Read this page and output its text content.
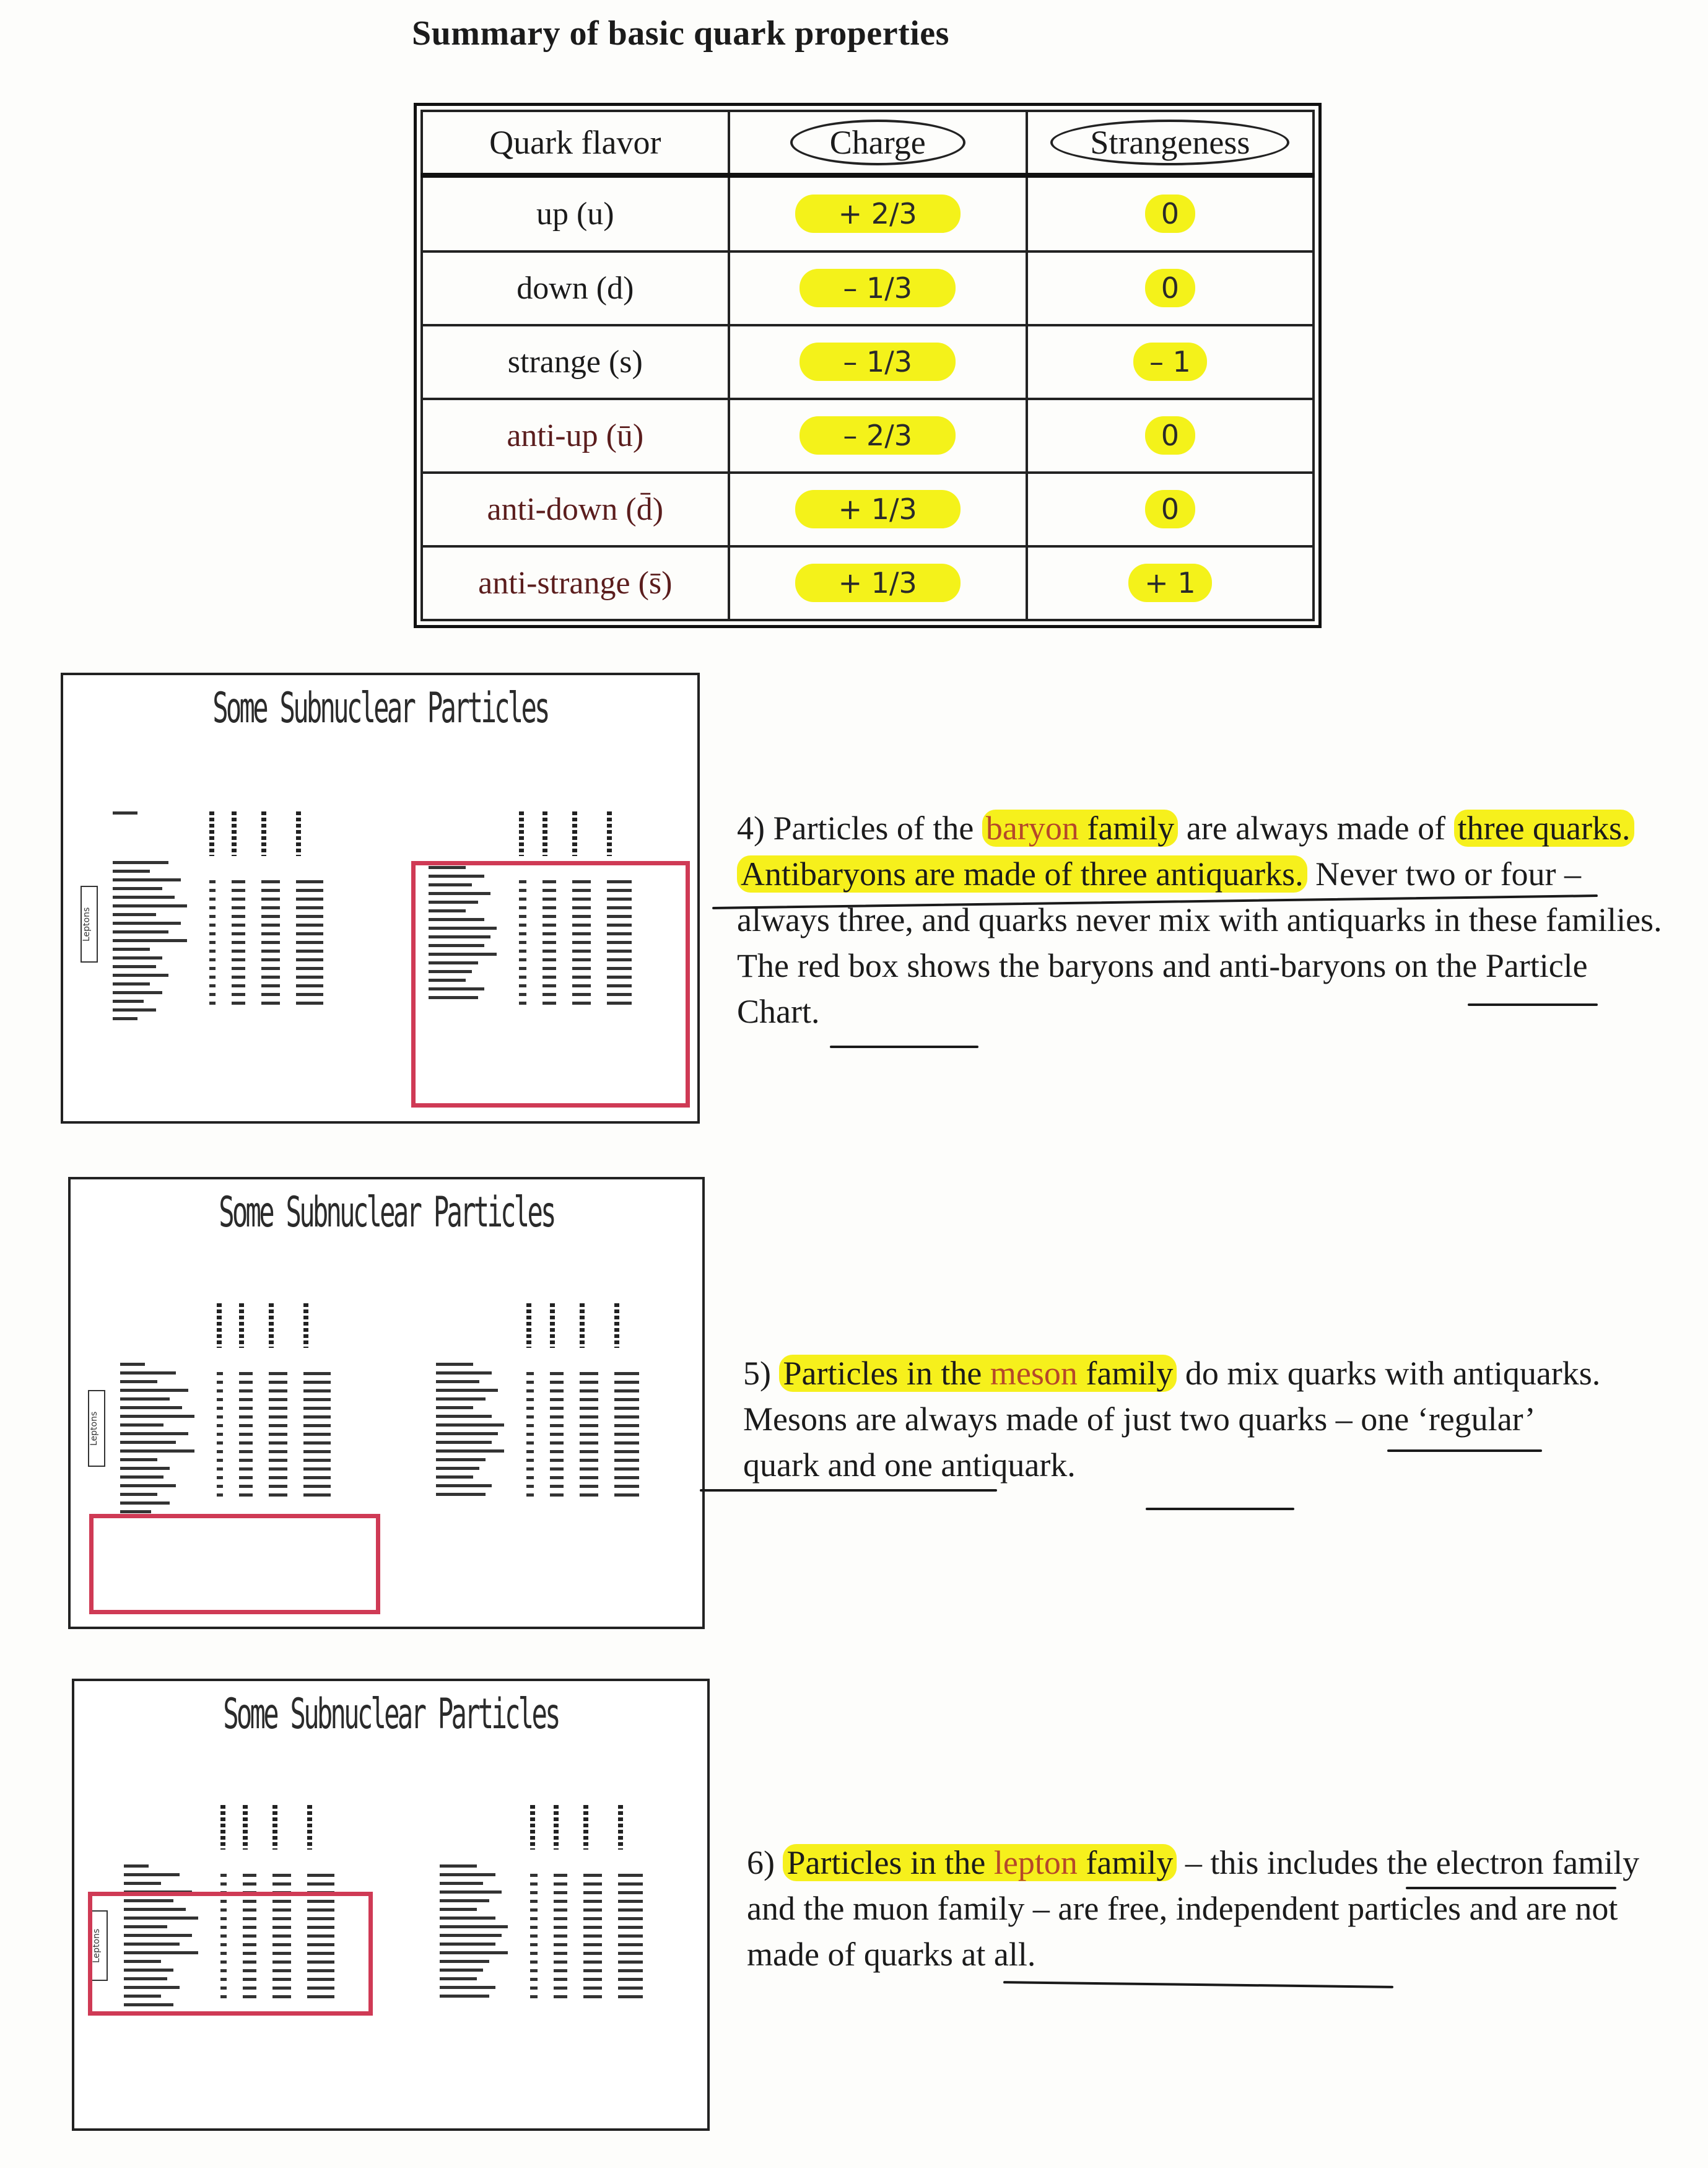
Summary of basic quark properties
Quark flavor	Charge	Strangeness
up (u)	+ 2/3	0
down (d)	– 1/3	0
strange (s)	– 1/3	– 1
anti-up (ū)	– 2/3	0
anti-down (d̄)	+ 1/3	0
anti-strange (s̄)	+ 1/3	+ 1
Some Subnuclear Particles
Leptons
Some Subnuclear Particles
Leptons
Some Subnuclear Particles
Leptons
4) Particles of the baryon family are always made of three quarks. Antibaryons are made of three antiquarks. Never two or four – always three, and quarks never mix with antiquarks in these families. The red box shows the baryons and anti-baryons on the Particle Chart.
5) Particles in the meson family do mix quarks with antiquarks. Mesons are always made of just two quarks – one ‘regular’ quark and one antiquark.
6) Particles in the lepton family – this includes the electron family and the muon family – are free, independent particles and are not made of quarks at all.
